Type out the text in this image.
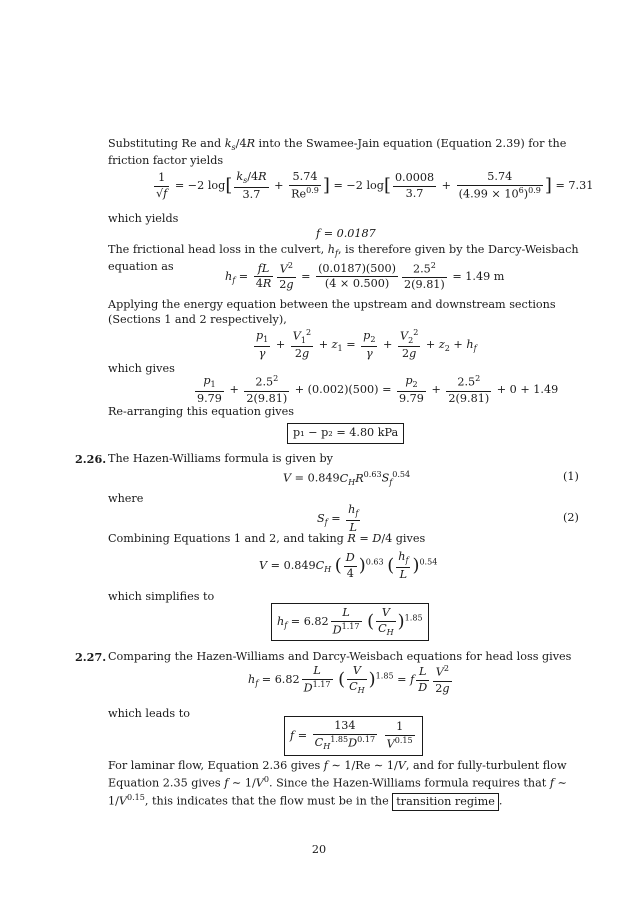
Substituting Re and $k_s/4R$ into the Swamee-Jain equation (Equation 2.39) for the friction factor yields
$\frac{1}{√f} = -2$ $\log[ \frac{k_s/4R}{3.7} + \frac{5.74}{Re^{0.9}}$ ] = −2 $\log[ \frac{0.0008}{3.7} + \frac{5.74}{(4.99 \times 10^6)^{0.9}}$ ] = 7.31
which yields
f = 0.0187
The frictional head loss in the culvert, $h_f$, is therefore given by the Darcy-Weisbach equation as
$h_f = \frac{fL}{4R} \frac{V^2}{2g} = \frac{(0.0187)(500)}{(4 \times 0.500)} \frac{2.5^2}{2(9.81)} = 1.49$ m
Applying the energy equation between the upstream and downstream sections (Sections 1 and 2 respectively),
$\frac{p_1}{\gamma} + \frac{V_1^2}{2g} + z_1 = \frac{p_2}{\gamma} + \frac{V_2^2}{2g} + z_2 + h_f$
which gives
$\frac{p_1}{9.79} + \frac{2.5^2}{2(9.81)} + (0.002)(500) = \frac{p_2}{9.79} + \frac{2.5^2}{2(9.81)} + 0 + 1.49$
Re-arranging this equation gives
p₁ − p₂ = 4.80 kPa
2.26. The Hazen-Williams formula is given by
$V = 0.849C_HR^{0.63}S_f^{0.54}$	(1)
where
$S_f = \frac{h_f}{L}$	(2)
Combining Equations 1 and 2, and taking R = D/4 gives
$V = 0.849C_H$ ( $\frac{D}{4} )^{0.63}$ ( $\frac{h_f}{L} )^{0.54}$
which simplifies to
$h_f = 6.82 \frac{L}{D^{1.17}}$ ( $\frac{V}{C_H} )^{1.85}$
2.27. Comparing the Hazen-Williams and Darcy-Weisbach equations for head loss gives
$h_f = 6.82 \frac{L}{D^{1.17}}$ ( $\frac{V}{C_H} )^{1.85} = f \frac{L}{D} \frac{V^2}{2g}$
which leads to
$f = \frac{134}{C_H^{1.85}D^{0.17}}$
$\frac{1}{V^{0.15}}$
For laminar flow, Equation 2.36 gives f ∼ 1/Re ∼ 1/V, and for fully-turbulent flow Equation 2.35 gives f ∼ $1/V^0$. Since the Hazen-Williams formula requires that f ∼ $1/V^{0.15}$, this indicates that the flow must be in the transition regime .
20
